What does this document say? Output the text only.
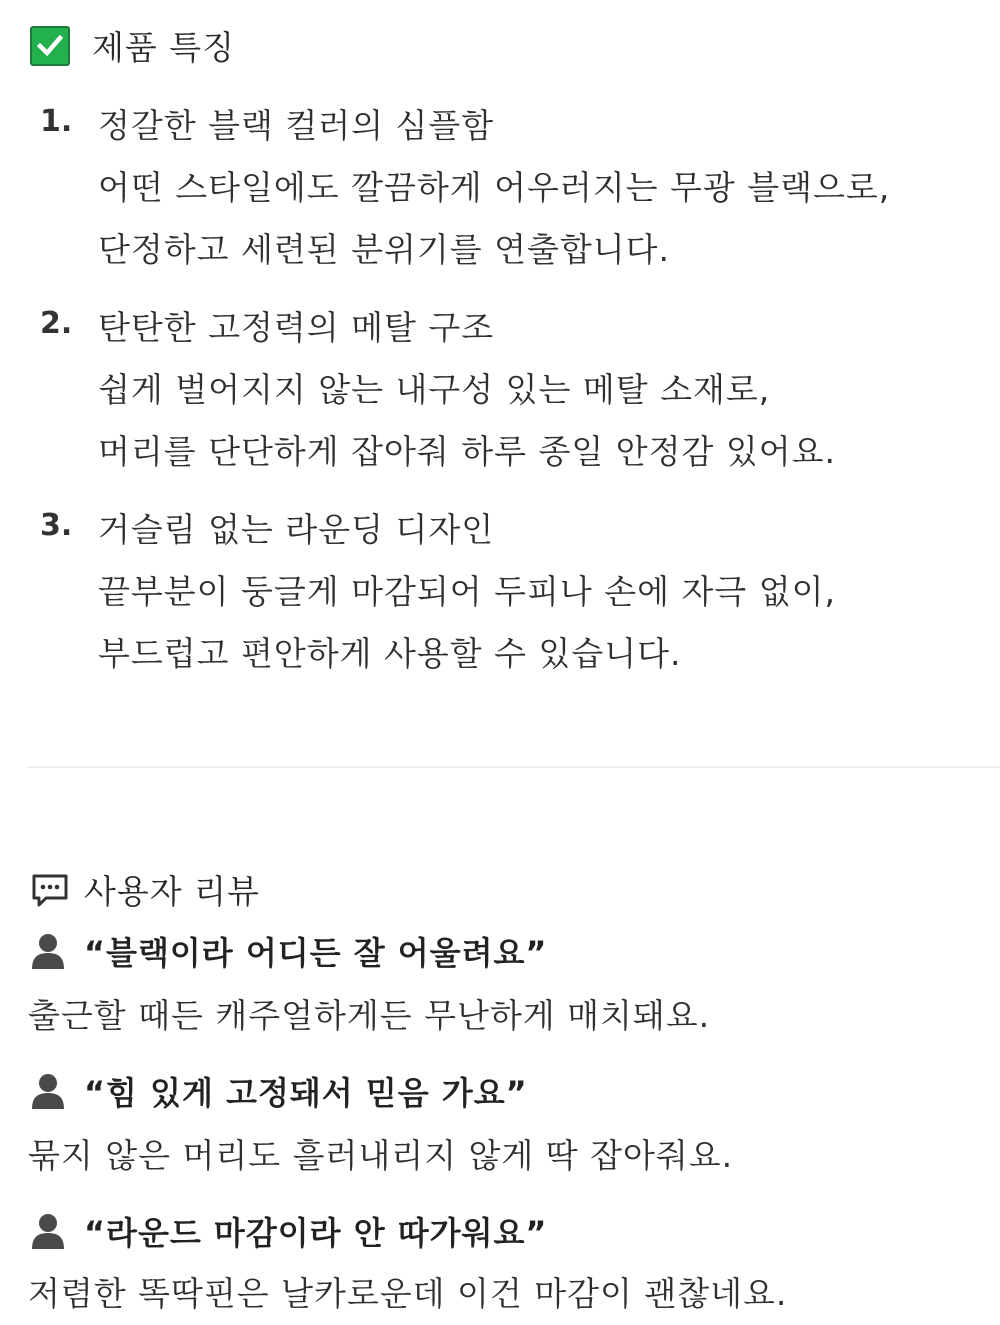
제품 특징
1. 정갈한 블랙 컬러의 심플함
어떤 스타일에도 깔끔하게 어우러지는 무광 블랙으로,
단정하고 세련된 분위기를 연출합니다.
2. 탄탄한 고정력의 메탈 구조
쉽게 벌어지지 않는 내구성 있는 메탈 소재로,
머리를 단단하게 잡아줘 하루 종일 안정감 있어요.
3. 거슬림 없는 라운딩 디자인
끝부분이 둥글게 마감되어 두피나 손에 자극 없이,
부드럽고 편안하게 사용할 수 있습니다.
사용자 리뷰
“블랙이라 어디든 잘 어울려요”
출근할 때든 캐주얼하게든 무난하게 매치돼요.
“힘 있게 고정돼서 믿음 가요”
묶지 않은 머리도 흘러내리지 않게 딱 잡아줘요.
“라운드 마감이라 안 따가워요”
저렴한 똑딱핀은 날카로운데 이건 마감이 괜찮네요.
